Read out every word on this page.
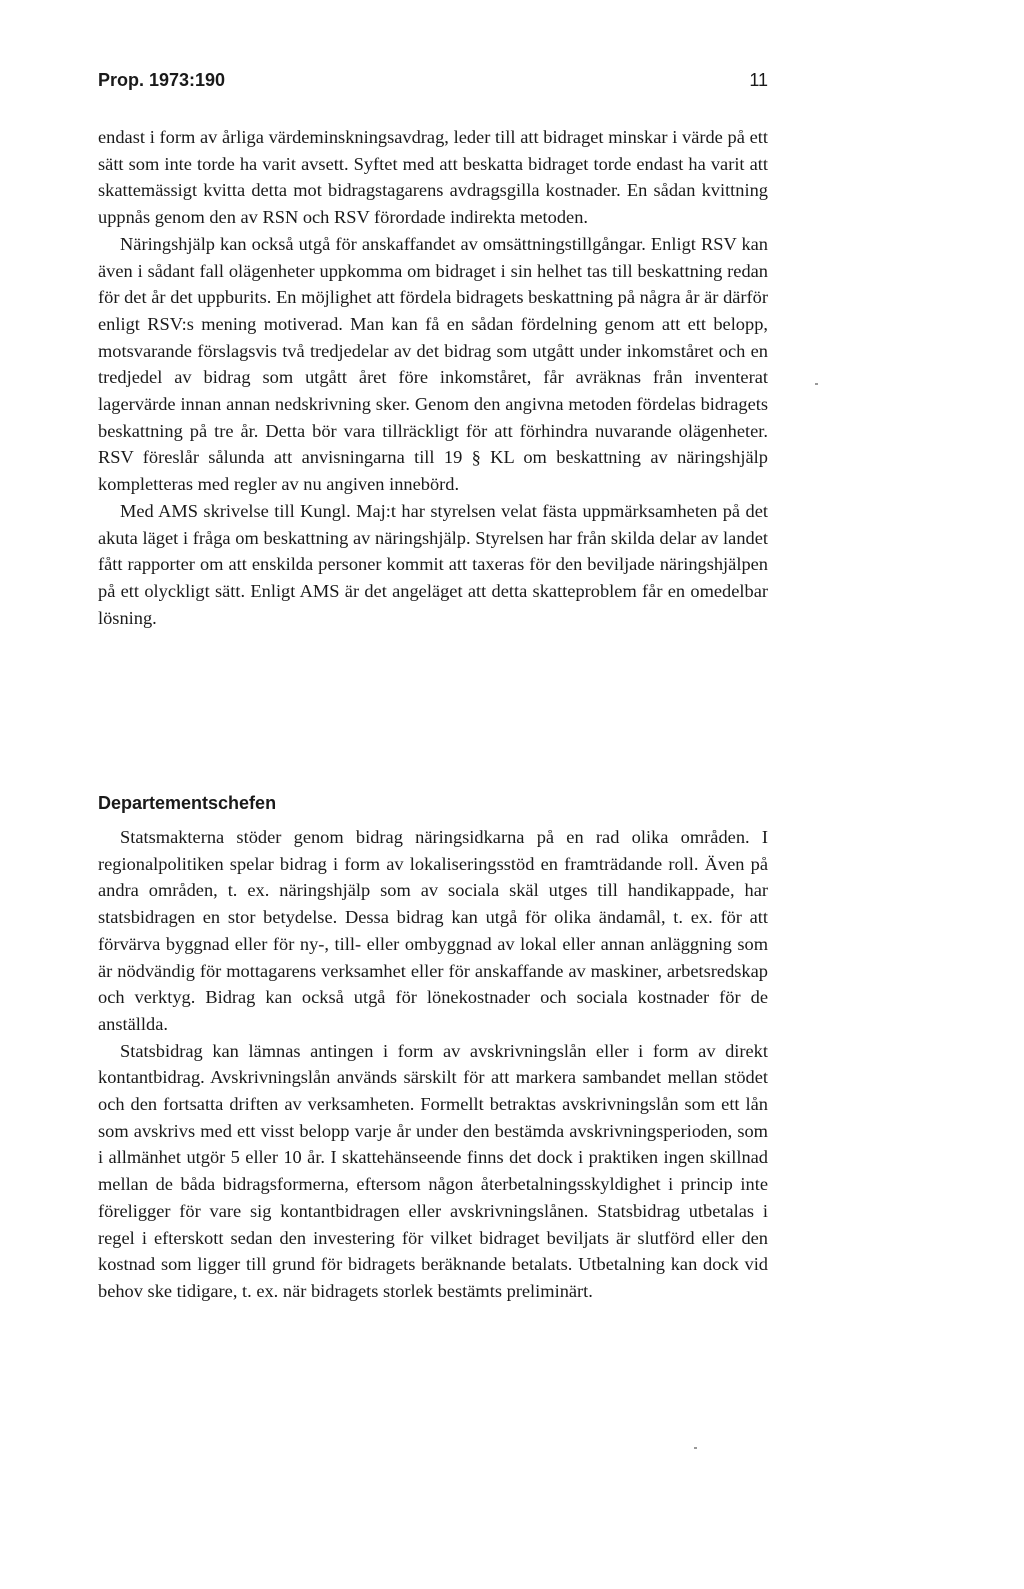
Prop. 1973:190	11

endast i form av årliga värdeminskningsavdrag, leder till att bidraget minskar i värde på ett sätt som inte torde ha varit avsett. Syftet med att beskatta bidraget torde endast ha varit att skattemässigt kvitta detta mot bidragstagarens avdragsgilla kostnader. En sådan kvittning uppnås genom den av RSN och RSV förordade indirekta metoden.

Näringshjälp kan också utgå för anskaffandet av omsättningstillgångar. Enligt RSV kan även i sådant fall olägenheter uppkomma om bidraget i sin helhet tas till beskattning redan för det år det uppburits. En möjlighet att fördela bidragets beskattning på några år är därför enligt RSV:s mening motiverad. Man kan få en sådan fördelning genom att ett belopp, motsvarande förslagsvis två tredjedelar av det bidrag som utgått under inkomståret och en tredjedel av bidrag som utgått året före inkomståret, får avräknas från inventerat lagervärde innan annan nedskrivning sker. Genom den angivna metoden fördelas bidragets beskattning på tre år. Detta bör vara tillräckligt för att förhindra nuvarande olägenheter. RSV föreslår sålunda att anvisningarna till 19 § KL om beskattning av näringshjälp kompletteras med regler av nu angiven innebörd.

Med AMS skrivelse till Kungl. Maj:t har styrelsen velat fästa uppmärksamheten på det akuta läget i fråga om beskattning av näringshjälp. Styrelsen har från skilda delar av landet fått rapporter om att enskilda personer kommit att taxeras för den beviljade näringshjälpen på ett olyckligt sätt. Enligt AMS är det angeläget att detta skatteproblem får en omedelbar lösning.

Departementschefen

Statsmakterna stöder genom bidrag näringsidkarna på en rad olika områden. I regionalpolitiken spelar bidrag i form av lokaliseringsstöd en framträdande roll. Även på andra områden, t. ex. näringshjälp som av sociala skäl utges till handikappade, har statsbidragen en stor betydelse. Dessa bidrag kan utgå för olika ändamål, t. ex. för att förvärva byggnad eller för ny-, till- eller ombyggnad av lokal eller annan anläggning som är nödvändig för mottagarens verksamhet eller för anskaffande av maskiner, arbetsredskap och verktyg. Bidrag kan också utgå för lönekostnader och sociala kostnader för de anställda.

Statsbidrag kan lämnas antingen i form av avskrivningslån eller i form av direkt kontantbidrag. Avskrivningslån används särskilt för att markera sambandet mellan stödet och den fortsatta driften av verksamheten. Formellt betraktas avskrivningslån som ett lån som avskrivs med ett visst belopp varje år under den bestämda avskrivningsperioden, som i allmänhet utgör 5 eller 10 år. I skattehänseende finns det dock i praktiken ingen skillnad mellan de båda bidragsformerna, eftersom någon återbetalningsskyldighet i princip inte föreligger för vare sig kontantbidragen eller avskrivningslånen. Statsbidrag utbetalas i regel i efterskott sedan den investering för vilket bidraget beviljats är slutförd eller den kostnad som ligger till grund för bidragets beräknande betalats. Utbetalning kan dock vid behov ske tidigare, t. ex. när bidragets storlek bestämts preliminärt.
